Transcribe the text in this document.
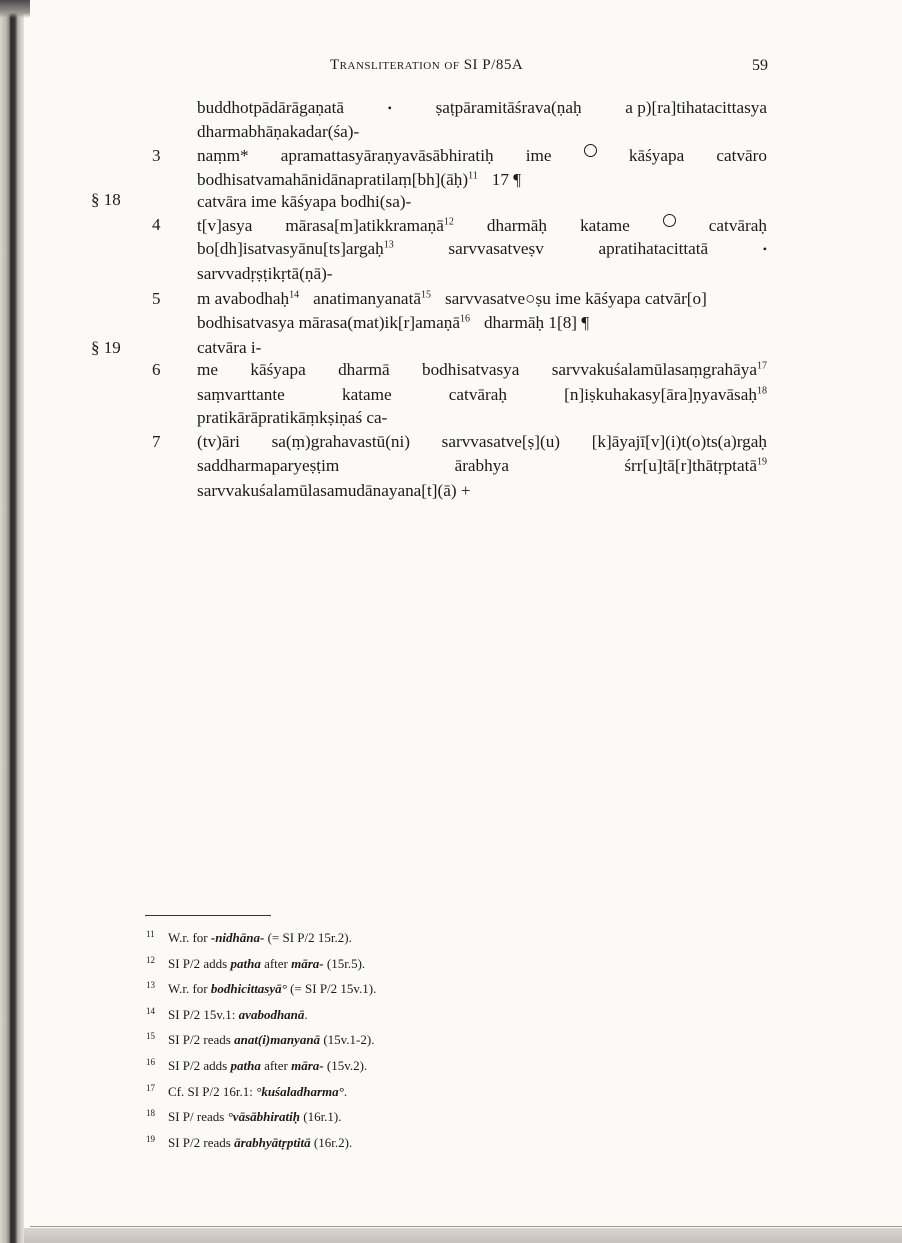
Transliteration of SI P/85A	59
§ 18
§ 19
3
4
5
6
7
buddhotpādārāgaṇatā	•	ṣaṭpāramitāśrava(ṇaḥ	a p)[ra]tihatacittasya
dharmabhāṇakadar(śa)-
naṃm* apramattasyāraṇyavāsābhiratiḥ ime	kāśyapa catvāro
bodhisatvamahānidānapratilaṃ[bh](āḥ)$^{11}$ 17 ¶
catvāra ime kāśyapa bodhi(sa)-
t[v]asya mārasa[m]atikkramaṇā$^{12}$ dharmāḥ katame	catvāraḥ
bo[dh]isatvasyānu[ts]argaḥ$^{13}$	sarvvasatveṣv	apratihatacittatā	•
sarvvadṛṣṭikṛtā(ṇā)-
m avabodhaḥ$^{14}$ anatimanyanatā$^{15}$ sarvvasatve○ṣu ime kāśyapa catvār[o]
bodhisatvasya mārasa(mat)ik[r]amaṇā$^{16}$ dharmāḥ 1[8] ¶
catvāra i-
me kāśyapa dharmā bodhisatvasya sarvvakuśalamūlasaṃgrahāya$^{17}$
saṃvarttante	katame	catvāraḥ	[n]iṣkuhakasy[āra]ṇyavāsaḥ$^{18}$
pratikārāpratikāṃkṣiṇaś ca-
(tv)āri sa(ṃ)grahavastū(ni) sarvvasatve[ṣ](u) [k]āyajī[v](i)t(o)ts(a)rgaḥ
saddharmaparyeṣṭim	ārabhya	śrr[u]tā[r]thātṛptatā$^{19}$
sarvvakuśalamūlasamudānayana[t](ā) +
11 W.r. for -nidhāna- (= SI P/2 15r.2).
12 SI P/2 adds patha after māra- (15r.5).
13 W.r. for bodhicittasyā° (= SI P/2 15v.1).
14 SI P/2 15v.1: avabodhanā.
15 SI P/2 reads anat(i)manyanā (15v.1-2).
16 SI P/2 adds patha after māra- (15v.2).
17 Cf. SI P/2 16r.1: °kuśaladharma°.
18 SI P/ reads °vāsābhiratiḥ (16r.1).
19 SI P/2 reads ārabhyātṛptitā (16r.2).
